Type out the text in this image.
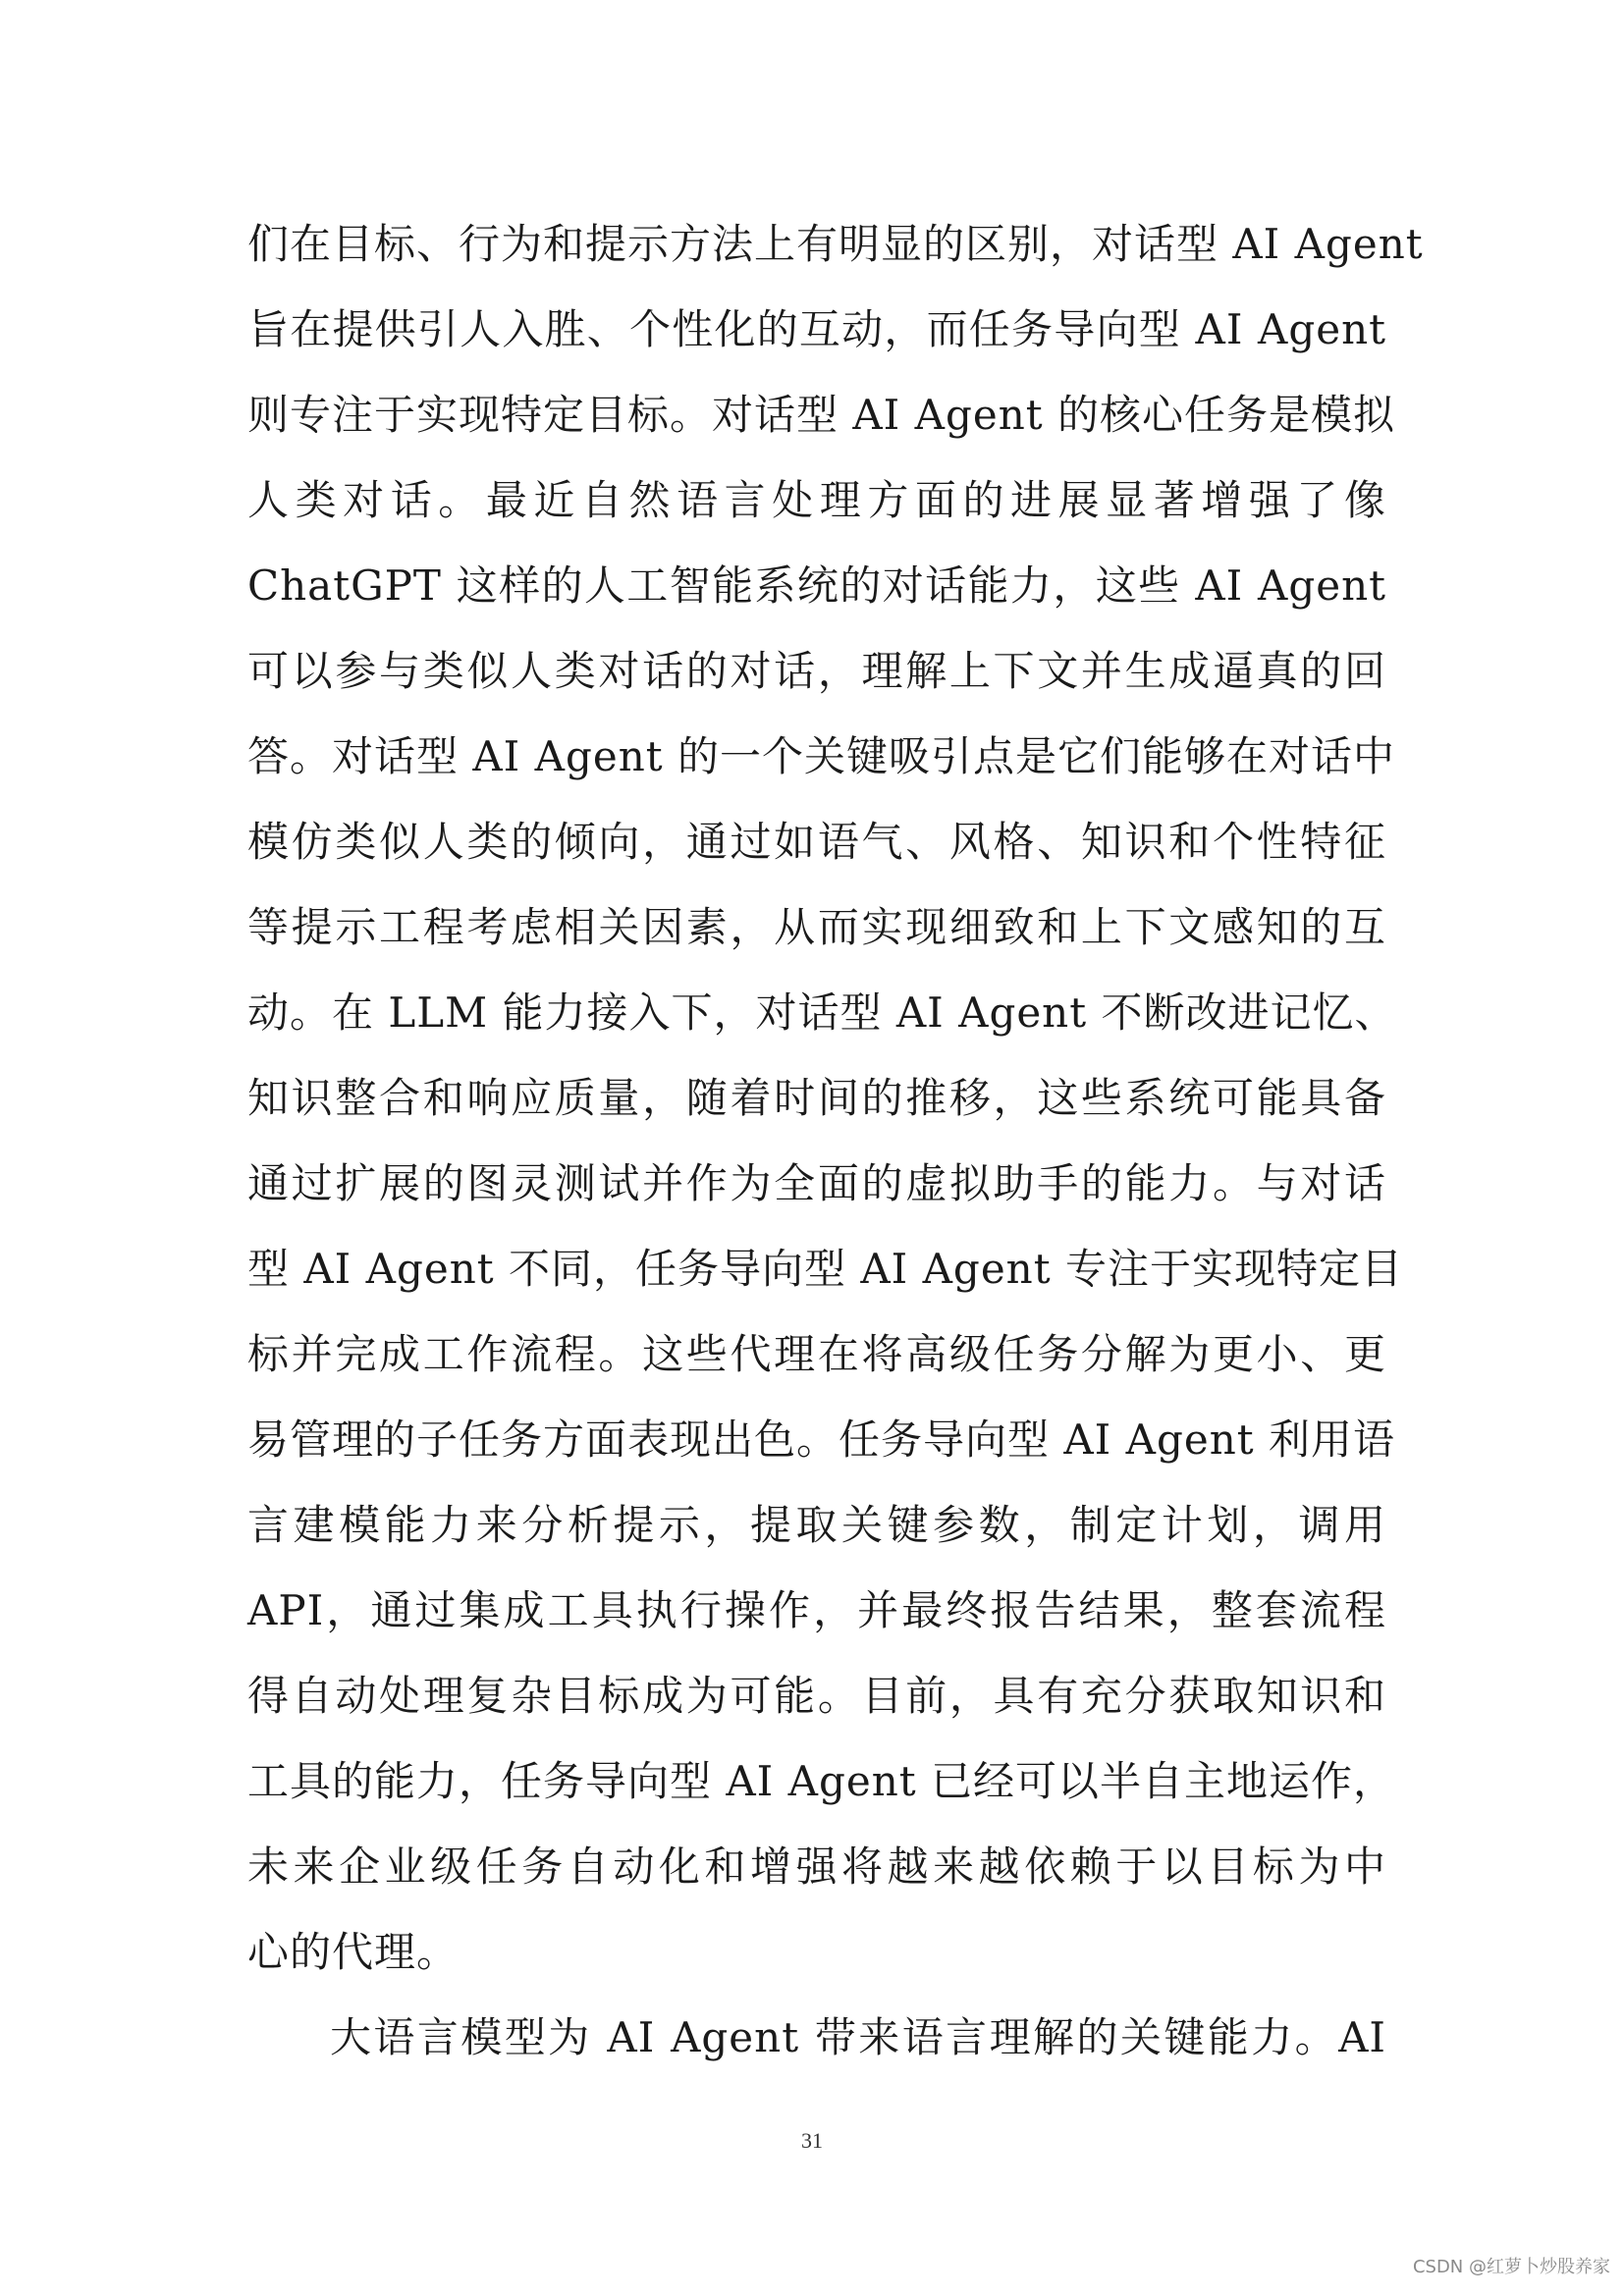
们在目标、行为和提示方法上有明显的区别，对话型 AI Agent
旨在提供引人入胜、个性化的互动，而任务导向型 AI Agent
则专注于实现特定目标。对话型 AI Agent 的核心任务是模拟
人类对话。最近自然语言处理方面的进展显著增强了像
ChatGPT 这样的人工智能系统的对话能力，这些 AI Agent
可以参与类似人类对话的对话，理解上下文并生成逼真的回
答。对话型 AI Agent 的一个关键吸引点是它们能够在对话中
模仿类似人类的倾向，通过如语气、风格、知识和个性特征
等提示工程考虑相关因素，从而实现细致和上下文感知的互
动。在 LLM 能力接入下，对话型 AI Agent 不断改进记忆、
知识整合和响应质量，随着时间的推移，这些系统可能具备
通过扩展的图灵测试并作为全面的虚拟助手的能力。与对话
型 AI Agent 不同，任务导向型 AI Agent 专注于实现特定目
标并完成工作流程。这些代理在将高级任务分解为更小、更
易管理的子任务方面表现出色。任务导向型 AI Agent 利用语
言建模能力来分析提示，提取关键参数，制定计划，调用
API，通过集成工具执行操作，并最终报告结果，整套流程
得自动处理复杂目标成为可能。目前，具有充分获取知识和
工具的能力，任务导向型 AI Agent 已经可以半自主地运作，
未来企业级任务自动化和增强将越来越依赖于以目标为中
心的代理。
大语言模型为 AI Agent 带来语言理解的关键能力。AI
31
CSDN @红萝卜炒股养家
